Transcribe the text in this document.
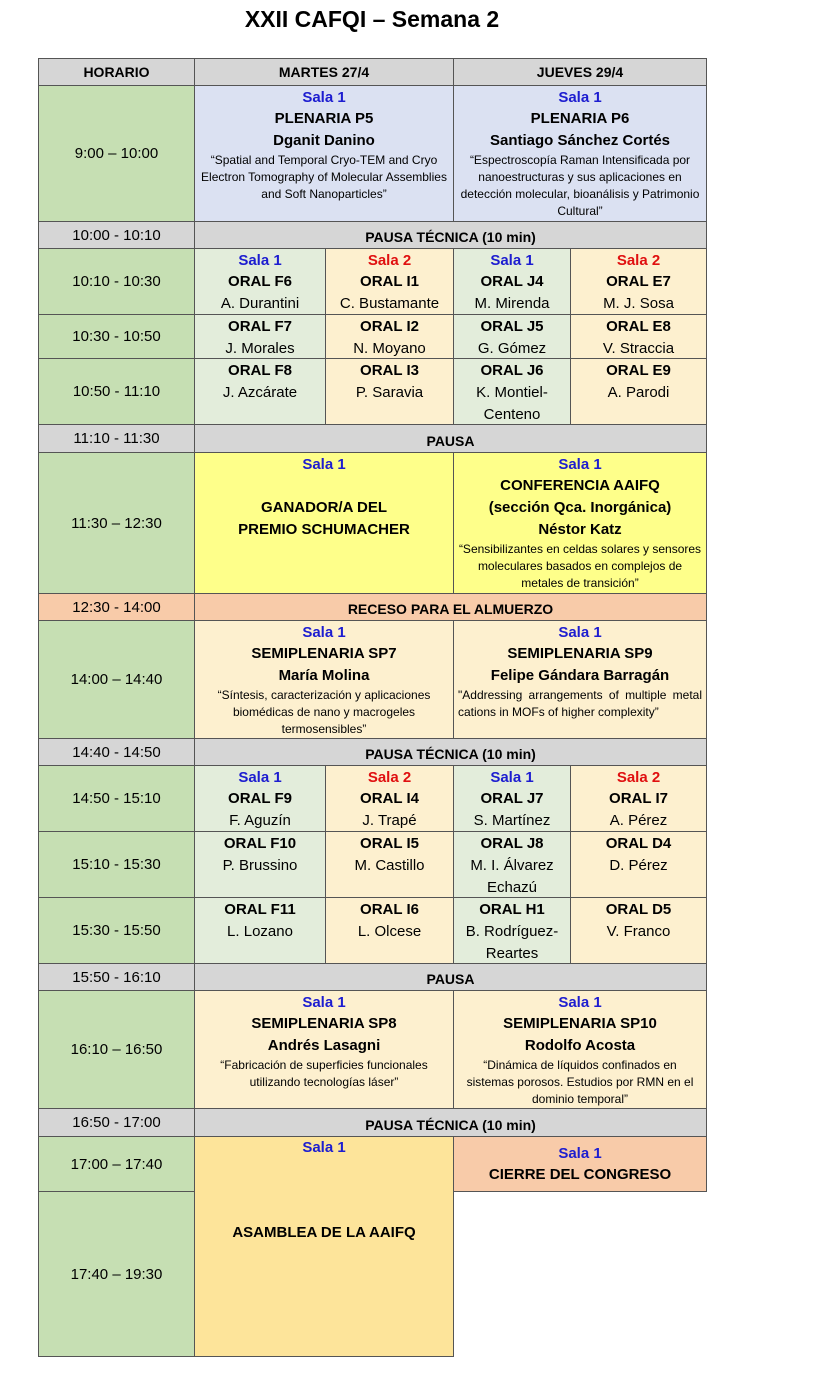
XXII CAFQI – Semana 2
HORARIO	MARTES 27/4	JUEVES 29/4
9:00 – 10:00
10:00 - 10:10
10:10 - 10:30
10:30 - 10:50
10:50 - 11:10
11:10 - 11:30
11:30 – 12:30
12:30 - 14:00
14:00 – 14:40
14:40 - 14:50
14:50 - 15:10
15:10 - 15:30
15:30 - 15:50
15:50 - 16:10
16:10 – 16:50
16:50 - 17:00
17:00 – 17:40
17:40 – 19:30
Sala 1
PLENARIA P5
Dganit Danino
“Spatial and Temporal Cryo-TEM and Cryo Electron Tomography of Molecular Assemblies and Soft Nanoparticles”
Sala 1
PLENARIA P6
Santiago Sánchez Cortés
“Espectroscopía Raman Intensificada por nanoestructuras y sus aplicaciones en detección molecular, bioanálisis y Patrimonio Cultural”
PAUSA TÉCNICA (10 min)
Sala 1
ORAL F6
A. Durantini
Sala 2
ORAL I1
C. Bustamante
Sala 1
ORAL J4
M. Mirenda
Sala 2
ORAL E7
M. J. Sosa
ORAL F7
J. Morales
ORAL I2
N. Moyano
ORAL J5
G. Gómez
ORAL E8
V. Straccia
ORAL F8
J. Azcárate
ORAL I3
P. Saravia
ORAL J6
K. Montiel-Centeno
ORAL E9
A. Parodi
PAUSA
Sala 1
GANADOR/A DEL
PREMIO SCHUMACHER
Sala 1
CONFERENCIA AAIFQ
(sección Qca. Inorgánica)
Néstor Katz
“Sensibilizantes en celdas solares y sensores moleculares basados en complejos de metales de transición”
RECESO PARA EL ALMUERZO
Sala 1
SEMIPLENARIA SP7
María Molina
“Síntesis, caracterización y aplicaciones biomédicas de nano y macrogeles termosensibles”
Sala 1
SEMIPLENARIA SP9
Felipe Gándara Barragán
"Addressing arrangements of multiple metal cations in MOFs of higher complexity”
PAUSA TÉCNICA (10 min)
Sala 1
ORAL F9
F. Aguzín
Sala 2
ORAL I4
J. Trapé
Sala 1
ORAL J7
S. Martínez
Sala 2
ORAL I7
A. Pérez
ORAL F10
P. Brussino
ORAL I5
M. Castillo
ORAL J8
M. I. Álvarez Echazú
ORAL D4
D. Pérez
ORAL F11
L. Lozano
ORAL I6
L. Olcese
ORAL H1
B. Rodríguez-Reartes
ORAL D5
V. Franco
PAUSA
Sala 1
SEMIPLENARIA SP8
Andrés Lasagni
“Fabricación de superficies funcionales utilizando tecnologías láser”
Sala 1
SEMIPLENARIA SP10
Rodolfo Acosta
“Dinámica de líquidos confinados en sistemas porosos. Estudios por RMN en el dominio temporal”
PAUSA TÉCNICA (10 min)
Sala 1
ASAMBLEA DE LA AAIFQ
Sala 1
CIERRE DEL CONGRESO
